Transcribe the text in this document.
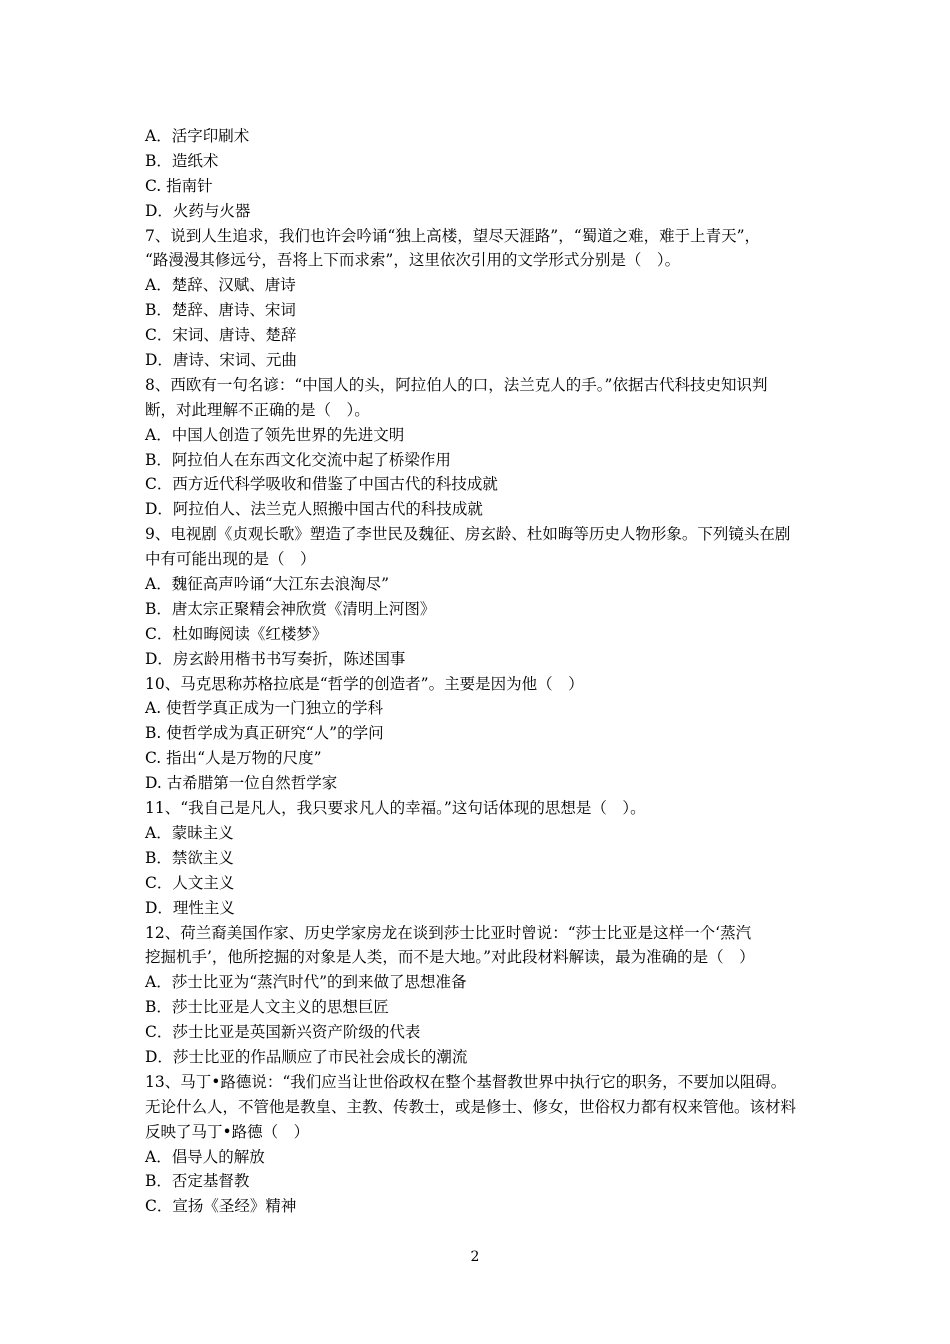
A．活字印刷术
B．造纸术
C. 指南针
D．火药与火器
7、说到人生追求，我们也许会吟诵“独上高楼，望尽天涯路”，“蜀道之难，难于上青天”，
“路漫漫其修远兮，吾将上下而求索”，这里依次引用的文学形式分别是（　）。
A．楚辞、汉赋、唐诗
B．楚辞、唐诗、宋词
C．宋词、唐诗、楚辞
D．唐诗、宋词、元曲
8、西欧有一句名谚：“中国人的头，阿拉伯人的口，法兰克人的手。”依据古代科技史知识判
断，对此理解不正确的是（　）。
A．中国人创造了领先世界的先进文明
B．阿拉伯人在东西文化交流中起了桥梁作用
C．西方近代科学吸收和借鉴了中国古代的科技成就
D．阿拉伯人、法兰克人照搬中国古代的科技成就
9、电视剧《贞观长歌》塑造了李世民及魏征、房玄龄、杜如晦等历史人物形象。下列镜头在剧
中有可能出现的是（　）
A．魏征高声吟诵“大江东去浪淘尽”
B．唐太宗正聚精会神欣赏《清明上河图》
C．杜如晦阅读《红楼梦》
D．房玄龄用楷书书写奏折，陈述国事
10、马克思称苏格拉底是“哲学的创造者”。主要是因为他（　）
A. 使哲学真正成为一门独立的学科
B. 使哲学成为真正研究“人”的学问
C. 指出“人是万物的尺度”
D. 古希腊第一位自然哲学家
11、“我自己是凡人，我只要求凡人的幸福。”这句话体现的思想是（　）。
A．蒙昧主义
B．禁欲主义
C．人文主义
D．理性主义
12、荷兰裔美国作家、历史学家房龙在谈到莎士比亚时曾说：“莎士比亚是这样一个‘蒸汽
挖掘机手’，他所挖掘的对象是人类，而不是大地。”对此段材料解读，最为准确的是（　）
A．莎士比亚为“蒸汽时代”的到来做了思想准备
B．莎士比亚是人文主义的思想巨匠
C．莎士比亚是英国新兴资产阶级的代表
D．莎士比亚的作品顺应了市民社会成长的潮流
13、马丁•路德说：“我们应当让世俗政权在整个基督教世界中执行它的职务，不要加以阻碍。
无论什么人，不管他是教皇、主教、传教士，或是修士、修女，世俗权力都有权来管他。该材料
反映了马丁•路德（　）
A．倡导人的解放
B．否定基督教
C．宣扬《圣经》精神
2
